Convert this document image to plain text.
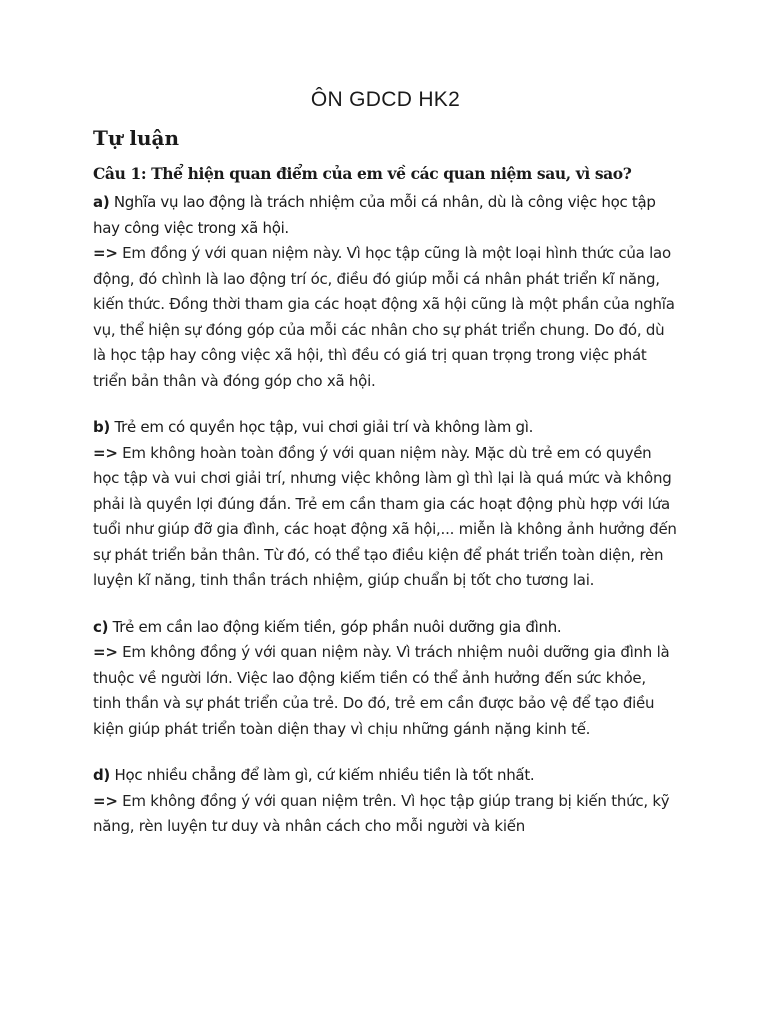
ÔN GDCD HK2
Tự luận

Câu 1: Thể hiện quan điểm của em về các quan niệm sau, vì sao?

a) Nghĩa vụ lao động là trách nhiệm của mỗi cá nhân, dù là công việc học tập hay công việc trong xã hội.

=> Em đồng ý với quan niệm này. Vì học tập cũng là một loại hình thức của lao động, đó chình là lao động trí óc, điều đó giúp mỗi cá nhân phát triển kĩ năng, kiến thức. Đồng thời tham gia các hoạt động xã hội cũng là một phần của nghĩa vụ, thể hiện sự đóng góp của mỗi các nhân cho sự phát triển chung. Do đó, dù là học tập hay công việc xã hội, thì đều có giá trị quan trọng trong việc phát triển bản thân và đóng góp cho xã hội.

b) Trẻ em có quyền học tập, vui chơi giải trí và không làm gì.

=> Em không hoàn toàn đồng ý với quan niệm này. Mặc dù trẻ em có quyền học tập và vui chơi giải trí, nhưng việc không làm gì thì lại là quá mức và không phải là quyền lợi đúng đắn. Trẻ em cần tham gia các hoạt động phù hợp với lứa tuổi như giúp đỡ gia đình, các hoạt động xã hội,... miễn là không ảnh hưởng đến sự phát triển bản thân. Từ đó, có thể tạo điều kiện để phát triển toàn diện, rèn luyện kĩ năng, tinh thần trách nhiệm, giúp chuẩn bị tốt cho tương lai.

c) Trẻ em cần lao động kiếm tiền, góp phần nuôi dưỡng gia đình.

=> Em không đồng ý với quan niệm này. Vì trách nhiệm nuôi dưỡng gia đình là thuộc về người lớn. Việc lao động kiếm tiền có thể ảnh hưởng đến sức khỏe, tinh thần và sự phát triển của trẻ. Do đó, trẻ em cần được bảo vệ để tạo điều kiện giúp phát triển toàn diện thay vì chịu những gánh nặng kinh tế.

d) Học nhiều chẳng để làm gì, cứ kiếm nhiều tiền là tốt nhất.

=> Em không đồng ý với quan niệm trên. Vì học tập giúp trang bị kiến thức, kỹ năng, rèn luyện tư duy và nhân cách cho mỗi người và kiến
